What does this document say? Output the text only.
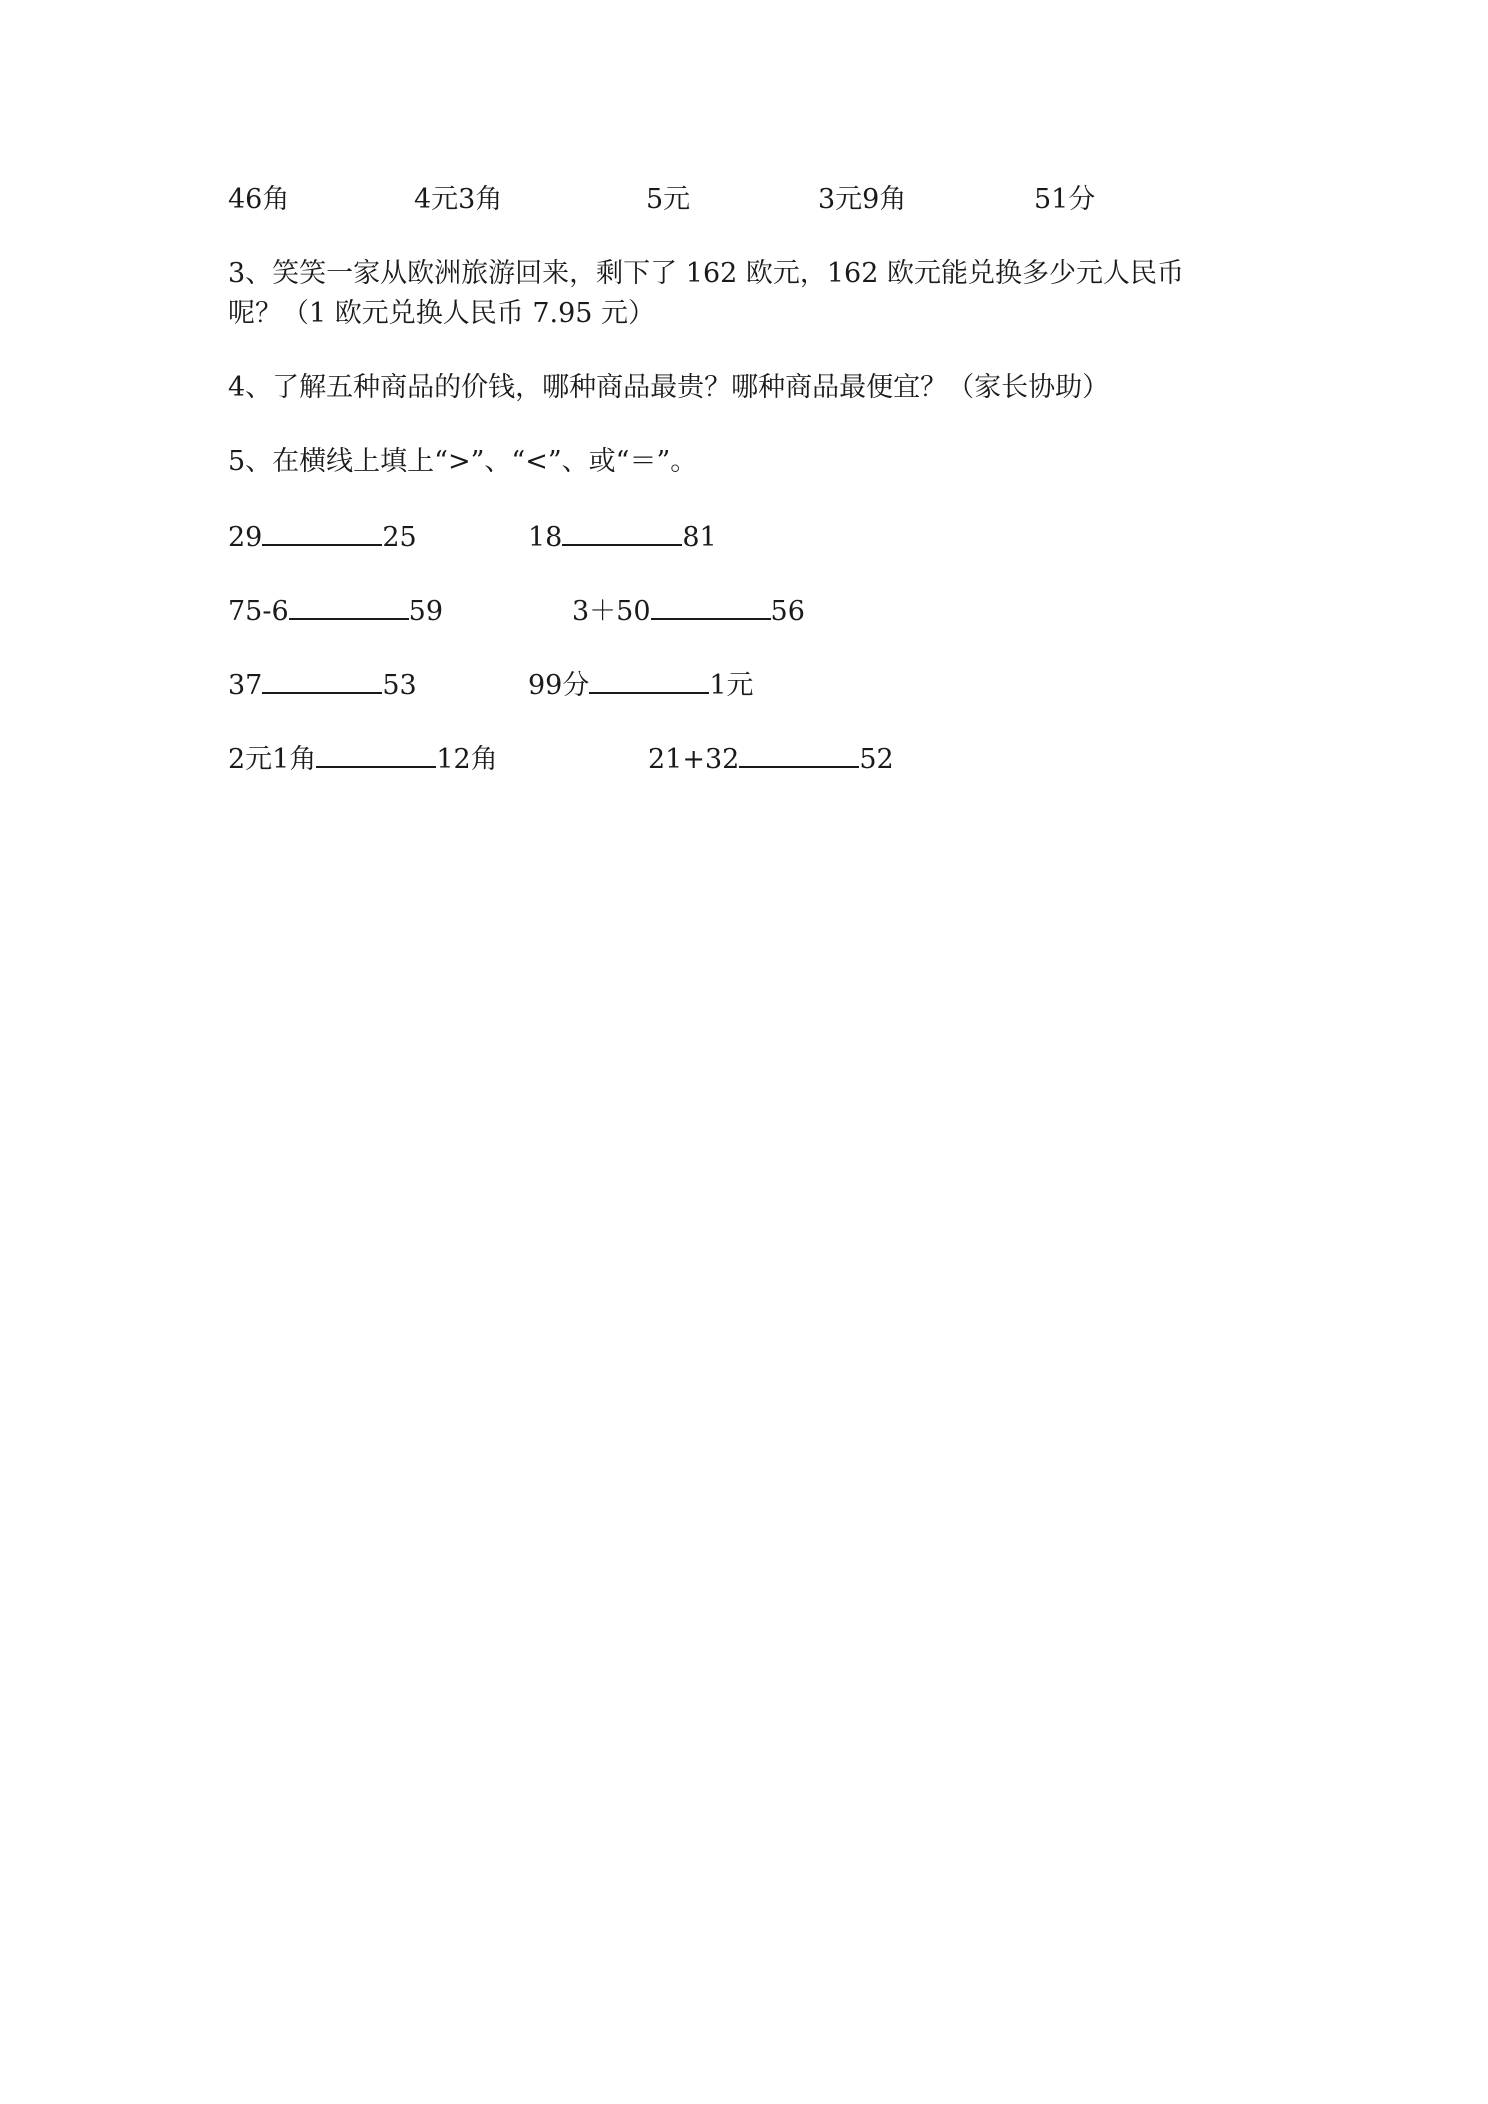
46角	4元3角	5元	3元9角	51分
3、笑笑一家从欧洲旅游回来，剩下了 162 欧元，162 欧元能兑换多少元人民币
呢？（1 欧元兑换人民币 7.95 元）
4、了解五种商品的价钱，哪种商品最贵？哪种商品最便宜？（家长协助）
5、在横线上填上“>”、“<”、或“＝”。
29	25	18	81
75-6	59	3＋50	56
37	53	99分	1元
2元1角	12角	21+32	52
